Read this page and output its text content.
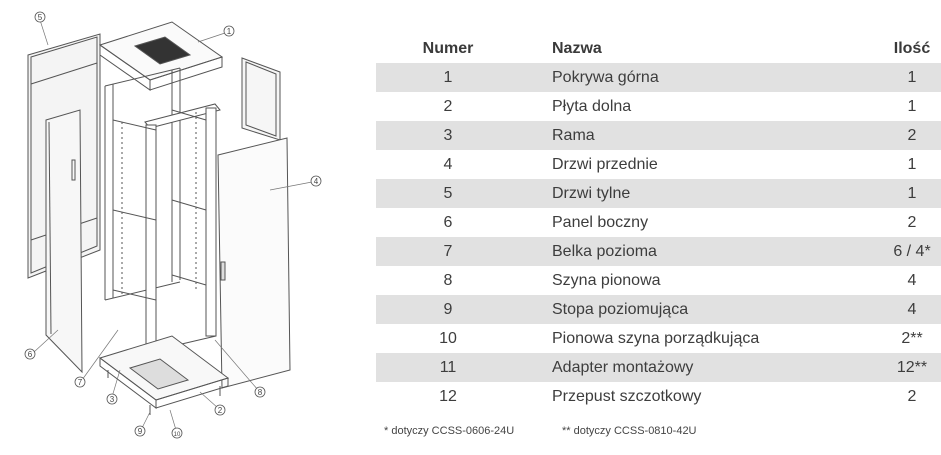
5
1
4
6
7
3
2
8
9	10
Numer	Nazwa	Ilość
1	Pokrywa górna	1
2	Płyta dolna	1
3	Rama	2
4	Drzwi przednie	1
5	Drzwi tylne	1
6	Panel boczny	2
7	Belka pozioma	6 / 4*
8	Szyna pionowa	4
9	Stopa poziomująca	4
10	Pionowa szyna porządkująca	2**
11	Adapter montażowy	12**
12	Przepust szczotkowy	2
* dotyczy CCSS-0606-24U	** dotyczy CCSS-0810-42U
